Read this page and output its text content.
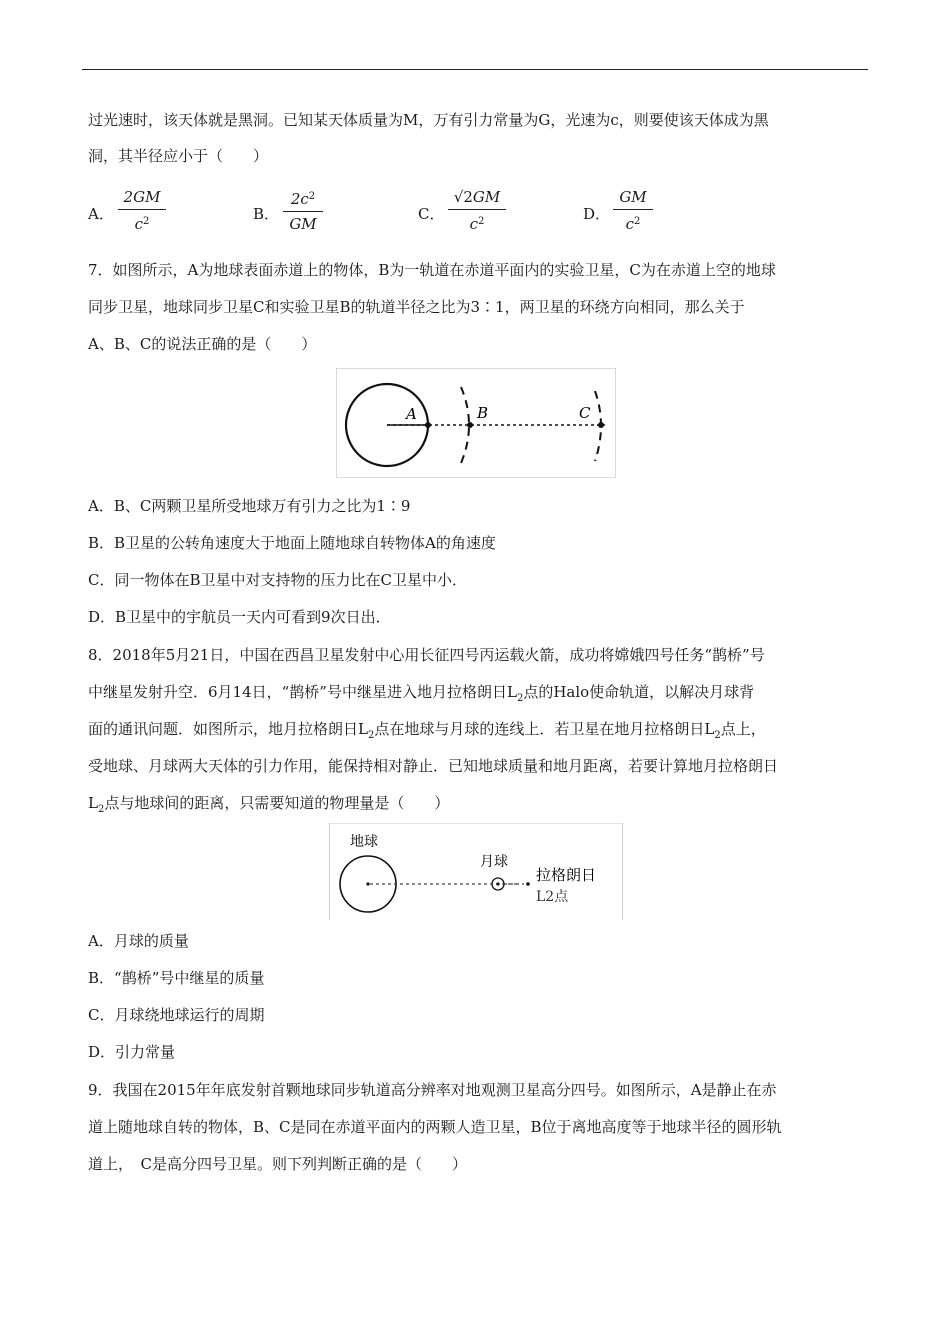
过光速时，该天体就是黑洞。已知某天体质量为M，万有引力常量为G，光速为c，则要使该天体成为黑
洞，其半径应小于（　　）
A． $\frac{2GM}{c^2}$	B． $\frac{2c^2}{GM}$	C． $\frac{√2GM}{c^2}$	D． $\frac{GM}{c^2}$
7．如图所示，A为地球表面赤道上的物体，B为一轨道在赤道平面内的实验卫星，C为在赤道上空的地球
同步卫星，地球同步卫星C和实验卫星B的轨道半径之比为3∶1，两卫星的环绕方向相同，那么关于
A、B、C的说法正确的是（　　）
A	B	C
A．B、C两颗卫星所受地球万有引力之比为1∶9
B．B卫星的公转角速度大于地面上随地球自转物体A的角速度
C．同一物体在B卫星中对支持物的压力比在C卫星中小．
D．B卫星中的宇航员一天内可看到9次日出．
8．2018年5月21日，中国在西昌卫星发射中心用长征四号丙运载火箭，成功将嫦娥四号任务“鹊桥”号
中继星发射升空．6月14日，“鹊桥”号中继星进入地月拉格朗日$L_2$点的Halo使命轨道，以解决月球背
面的通讯问题．如图所示，地月拉格朗日$L_2$点在地球与月球的连线上．若卫星在地月拉格朗日$L_2$点上，
受地球、月球两大天体的引力作用，能保持相对静止．已知地球质量和地月距离，若要计算地月拉格朗日
$L_2$点与地球间的距离，只需要知道的物理量是（　　）
地球
月球
拉格朗日
L2点
A．月球的质量
B．“鹊桥”号中继星的质量
C．月球绕地球运行的周期
D．引力常量
9．我国在2015年年底发射首颗地球同步轨道高分辨率对地观测卫星高分四号。如图所示，A是静止在赤
道上随地球自转的物体，B、C是同在赤道平面内的两颗人造卫星，B位于离地高度等于地球半径的圆形轨
道上，　C是高分四号卫星。则下列判断正确的是（　　）
